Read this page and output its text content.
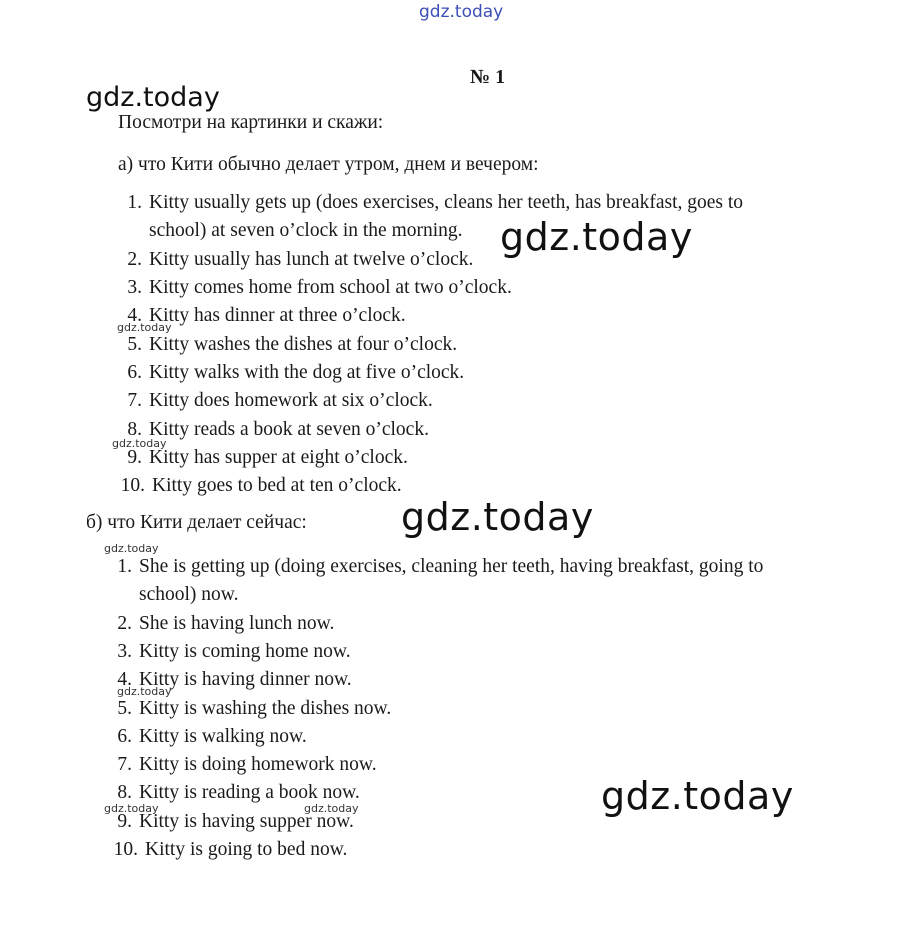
gdz.today
gdz.today
gdz.today
gdz.today
gdz.today
gdz.today
gdz.today
gdz.today
gdz.today
gdz.today	gdz.today
№ 1
Посмотри на картинки и скажи:
а) что Кити обычно делает утром, днем и вечером:
1. Kitty usually gets up (does exercises, cleans her teeth, has breakfast, goes to
school) at seven o’clock in the morning.
2. Kitty usually has lunch at twelve o’clock.
3. Kitty comes home from school at two o’clock.
4. Kitty has dinner at three o’clock.
5. Kitty washes the dishes at four o’clock.
6. Kitty walks with the dog at five o’clock.
7. Kitty does homework at six o’clock.
8. Kitty reads a book at seven o’clock.
9. Kitty has supper at eight o’clock.
10. Kitty goes to bed at ten o’clock.
б) что Кити делает сейчас:
1. She is getting up (doing exercises, cleaning her teeth, having breakfast, going to
school) now.
2. She is having lunch now.
3. Kitty is coming home now.
4. Kitty is having dinner now.
5. Kitty is washing the dishes now.
6. Kitty is walking now.
7. Kitty is doing homework now.
8. Kitty is reading a book now.
9. Kitty is having supper now.
10. Kitty is going to bed now.
